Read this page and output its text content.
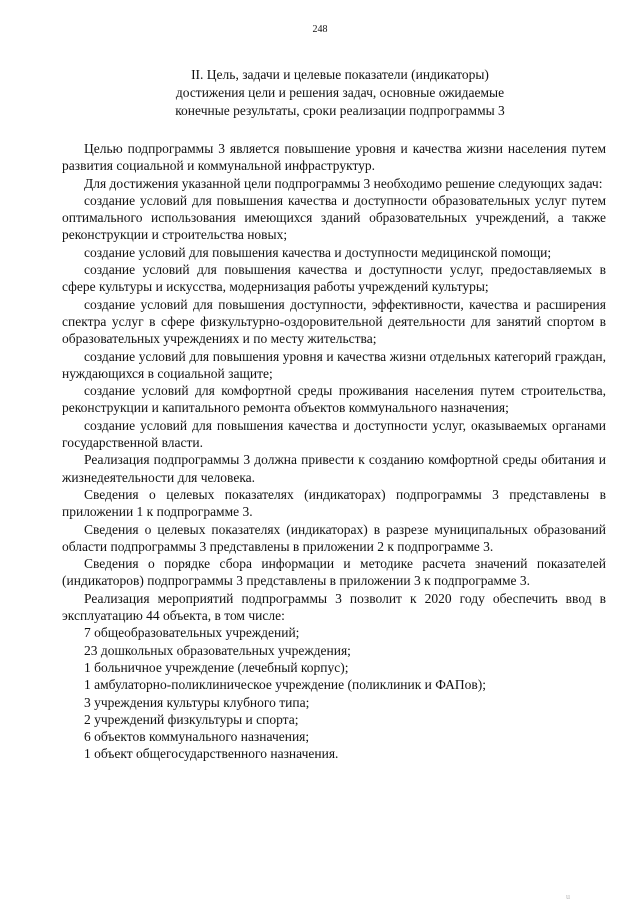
248
II. Цель, задачи и целевые показатели (индикаторы)
достижения цели и решения задач, основные ожидаемые
конечные результаты, сроки реализации подпрограммы 3

Целью подпрограммы 3 является повышение уровня и качества жизни населения путем развития социальной и коммунальной инфраструктур.

Для достижения указанной цели подпрограммы 3 необходимо решение следующих задач:

создание условий для повышения качества и доступности образовательных услуг путем оптимального использования имеющихся зданий образовательных учреждений, а также реконструкции и строительства новых;

создание условий для повышения качества и доступности медицинской помощи;

создание условий для повышения качества и доступности услуг, предоставляемых в сфере культуры и искусства, модернизация работы учреждений культуры;

создание условий для повышения доступности, эффективности, качества и расширения спектра услуг в сфере физкультурно-оздоровительной деятельности для занятий спортом в образовательных учреждениях и по месту жительства;

создание условий для повышения уровня и качества жизни отдельных категорий граждан, нуждающихся в социальной защите;

создание условий для комфортной среды проживания населения путем строительства, реконструкции и капитального ремонта объектов коммунального назначения;

создание условий для повышения качества и доступности услуг, оказываемых органами государственной власти.

Реализация подпрограммы 3 должна привести к созданию комфортной среды обитания и жизнедеятельности для человека.

Сведения о целевых показателях (индикаторах) подпрограммы 3 представлены в приложении 1 к подпрограмме 3.

Сведения о целевых показателях (индикаторах) в разрезе муниципальных образований области подпрограммы 3 представлены в приложении 2 к подпрограмме 3.

Сведения о порядке сбора информации и методике расчета значений показателей (индикаторов) подпрограммы 3 представлены в приложении 3 к подпрограмме 3.

Реализация мероприятий подпрограммы 3 позволит к 2020 году обеспечить ввод в эксплуатацию 44 объекта, в том числе:

7 общеобразовательных учреждений;
23 дошкольных образовательных учреждения;
1 больничное учреждение (лечебный корпус);
1 амбулаторно-поликлиническое учреждение (поликлиник и ФАПов);
3 учреждения культуры клубного типа;
2 учреждений физкультуры и спорта;
6 объектов коммунального назначения;
1 объект общегосударственного назначения.
u
